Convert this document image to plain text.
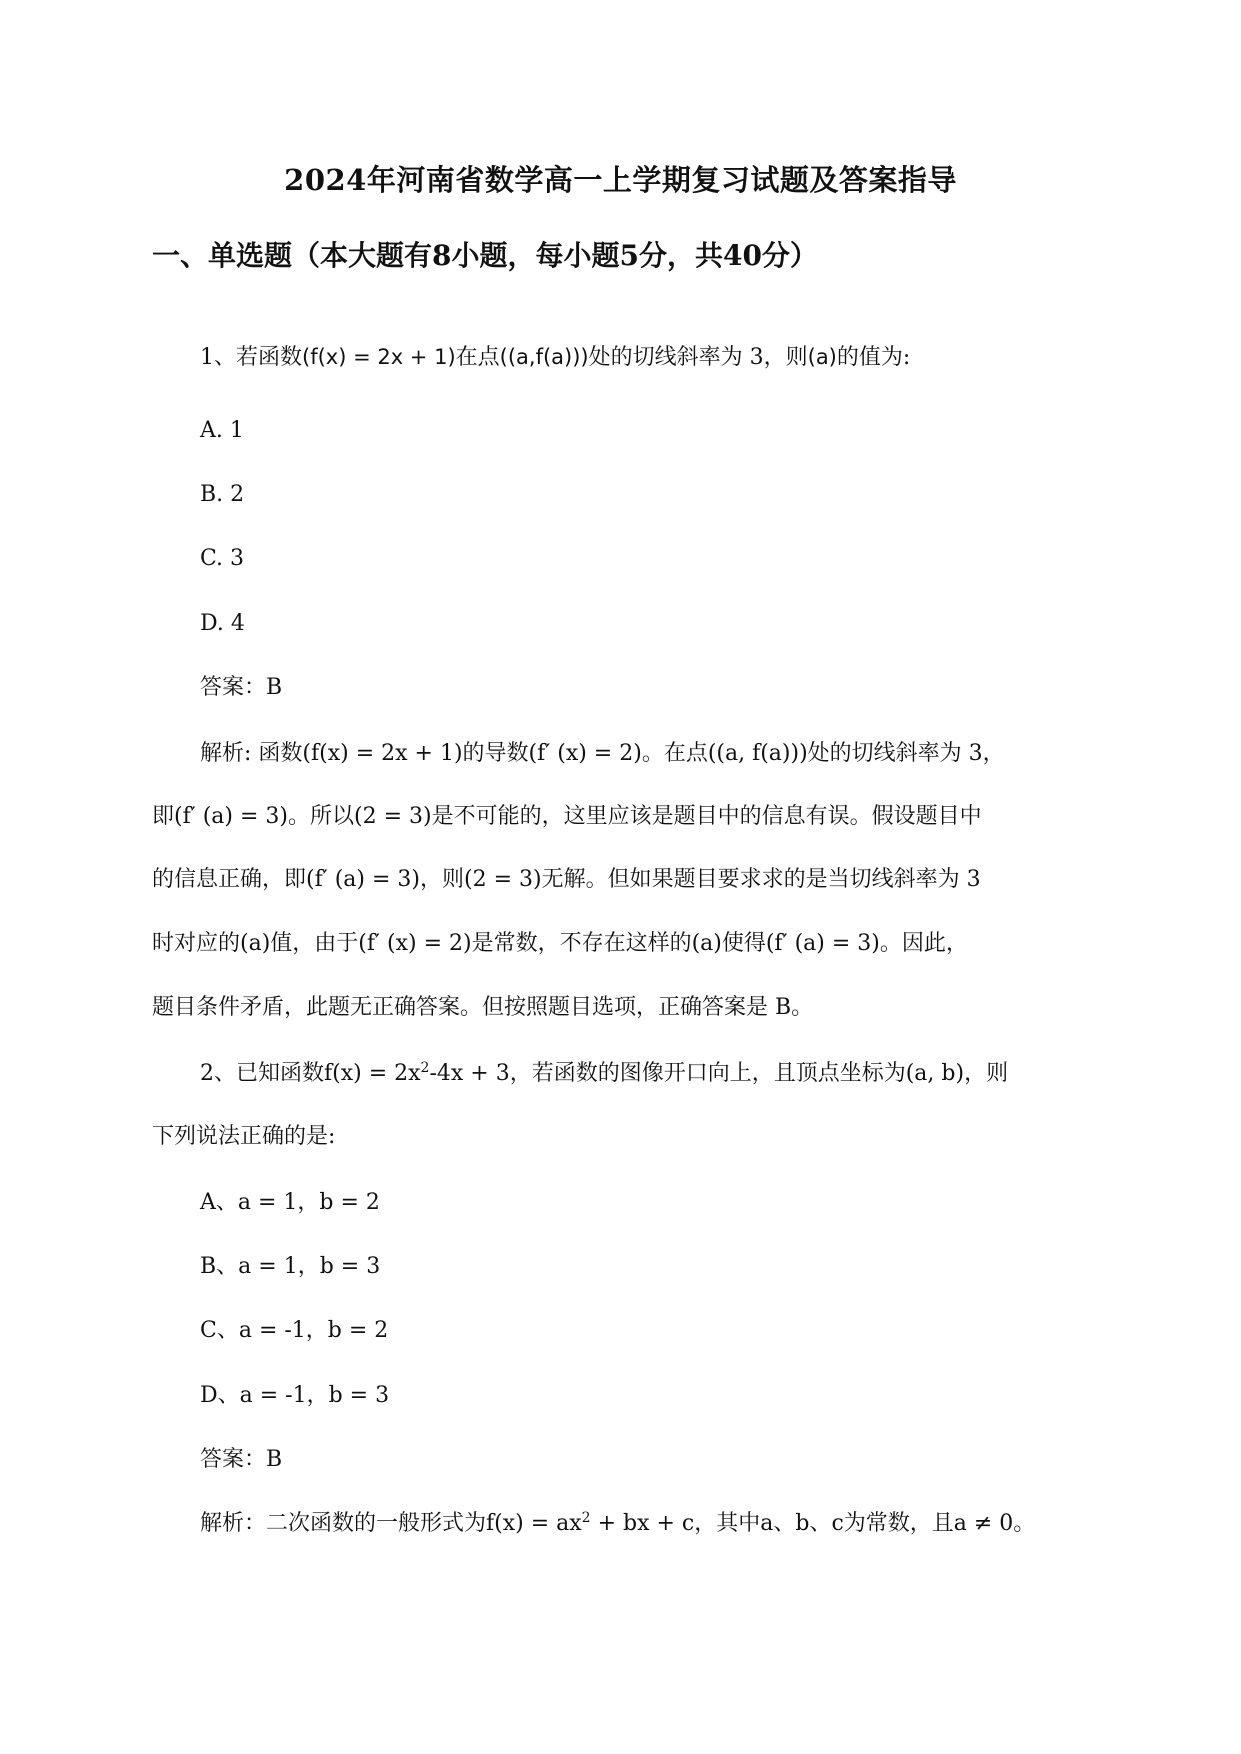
2024年河南省数学高一上学期复习试题及答案指导
一、单选题（本大题有8小题，每小题5分，共40分）
1、若函数(f(x) = 2x + 1)在点((a,f(a)))处的切线斜率为 3，则(a)的值为:
A. 1
B. 2
C. 3
D. 4
答案：B
解析: 函数(f(x) = 2x + 1)的导数(f′ (x) = 2)。在点((a, f(a)))处的切线斜率为 3，
即(f′ (a) = 3)。所以(2 = 3)是不可能的，这里应该是题目中的信息有误。假设题目中
的信息正确，即(f′ (a) = 3)，则(2 = 3)无解。但如果题目要求求的是当切线斜率为 3
时对应的(a)值，由于(f′ (x) = 2)是常数，不存在这样的(a)使得(f′ (a) = 3)。因此，
题目条件矛盾，此题无正确答案。但按照题目选项，正确答案是 B。
2、已知函数$f(x) = 2x^2-4x + 3$，若函数的图像开口向上，且顶点坐标为(a, b)，则
下列说法正确的是:
A、a = 1，b = 2
B、a = 1，b = 3
C、a = -1，b = 2
D、a = -1，b = 3
答案：B
解析：二次函数的一般形式为$f(x) = ax^2$ + bx + c，其中a、b、c为常数，且a ≠ 0。
